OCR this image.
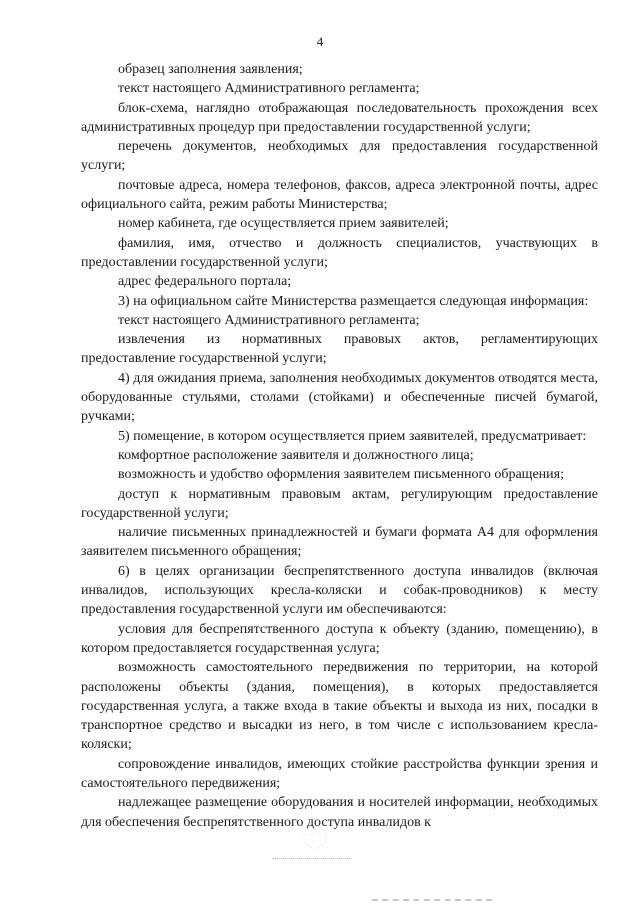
4

образец заполнения заявления;

текст настоящего Административного регламента;

блок-схема, наглядно отображающая последовательность прохождения всех административных процедур при предоставлении государственной услуги;

перечень документов, необходимых для предоставления государственной услуги;

почтовые адреса, номера телефонов, факсов, адреса электронной почты, адрес официального сайта, режим работы Министерства;

номер кабинета, где осуществляется прием заявителей;

фамилия, имя, отчество и должность специалистов, участвующих в предоставлении государственной услуги;

адрес федерального портала;

3) на официальном сайте Министерства размещается следующая информация:

текст настоящего Административного регламента;

извлечения из нормативных правовых актов, регламентирующих предоставление государственной услуги;

4) для ожидания приема, заполнения необходимых документов отводятся места, оборудованные стульями, столами (стойками) и обеспеченные писчей бумагой, ручками;

5) помещение, в котором осуществляется прием заявителей, предусматривает:

комфортное расположение заявителя и должностного лица;

возможность и удобство оформления заявителем письменного обращения;

доступ к нормативным правовым актам, регулирующим предоставление государственной услуги;

наличие письменных принадлежностей и бумаги формата А4 для оформления заявителем письменного обращения;

6) в целях организации беспрепятственного доступа инвалидов (включая инвалидов, использующих кресла-коляски и собак-проводников) к месту предоставления государственной услуги им обеспечиваются:

условия для беспрепятственного доступа к объекту (зданию, помещению), в котором предоставляется государственная услуга;

возможность самостоятельного передвижения по территории, на которой расположены объекты (здания, помещения), в которых предоставляется государственная услуга, а также входа в такие объекты и выхода из них, посадки в транспортное средство и высадки из него, в том числе с использованием кресла-коляски;

сопровождение инвалидов, имеющих стойкие расстройства функции зрения и самостоятельного передвижения;

надлежащее размещение оборудования и носителей информации, необходимых для обеспечения беспрепятственного доступа инвалидов к
